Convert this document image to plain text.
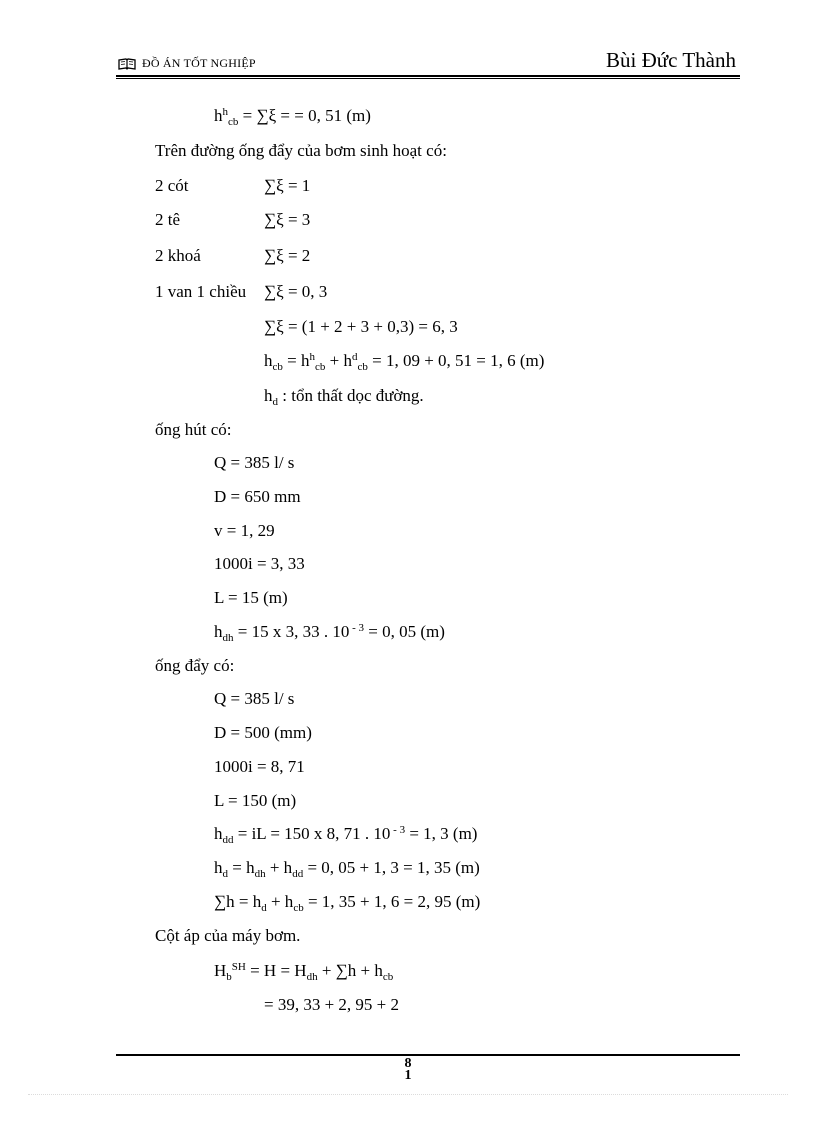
ĐỒ ÁN TỐT NGHIỆP	Bùi Đức Thành
$h^h_{cb} = \sum\xi$ = = 0, 51 (m)
Trên đường ống đẩy của bơm sinh hoạt có:
2 cót	∑ξ = 1
2 tê	∑ξ = 3
2 khoá	∑ξ = 2
1 van 1 chiều ∑ξ = 0, 3
∑ξ = (1 + 2 + 3 + 0,3) = 6, 3
$h_{cb} = h^h_{cb} + h^d_{cb} = 1$, 09 + 0, 51 = 1, 6 (m)
$h_d$ : tổn thất dọc đường.
ống hút có:
Q = 385 l/ s
D = 650 mm
v = 1, 29
1000i = 3, 33
L = 15 (m)
$h_{dh} = 15$ x 3, 33 . 10 $^{- 3}$ = 0, 05 (m)
ống đẩy có:
Q = 385 l/ s
D = 500 (mm)
1000i = 8, 71
L = 150 (m)
$h_{dd}$ = iL = 150 x 8, 71 . 10 $^{- 3}$ = 1, 3 (m)
$h_d = h_{dh} + h_{dd} = 0$, 05 + 1, 3 = 1, 35 (m)
$\sum h = h_d + h_{cb} = 1$, 35 + 1, 6 = 2, 95 (m)
Cột áp của máy bơm.
$H_b^{SH} = H = H_{dh} + \sum h + h_{cb}$
= 39, 33 + 2, 95 + 2
8
1
